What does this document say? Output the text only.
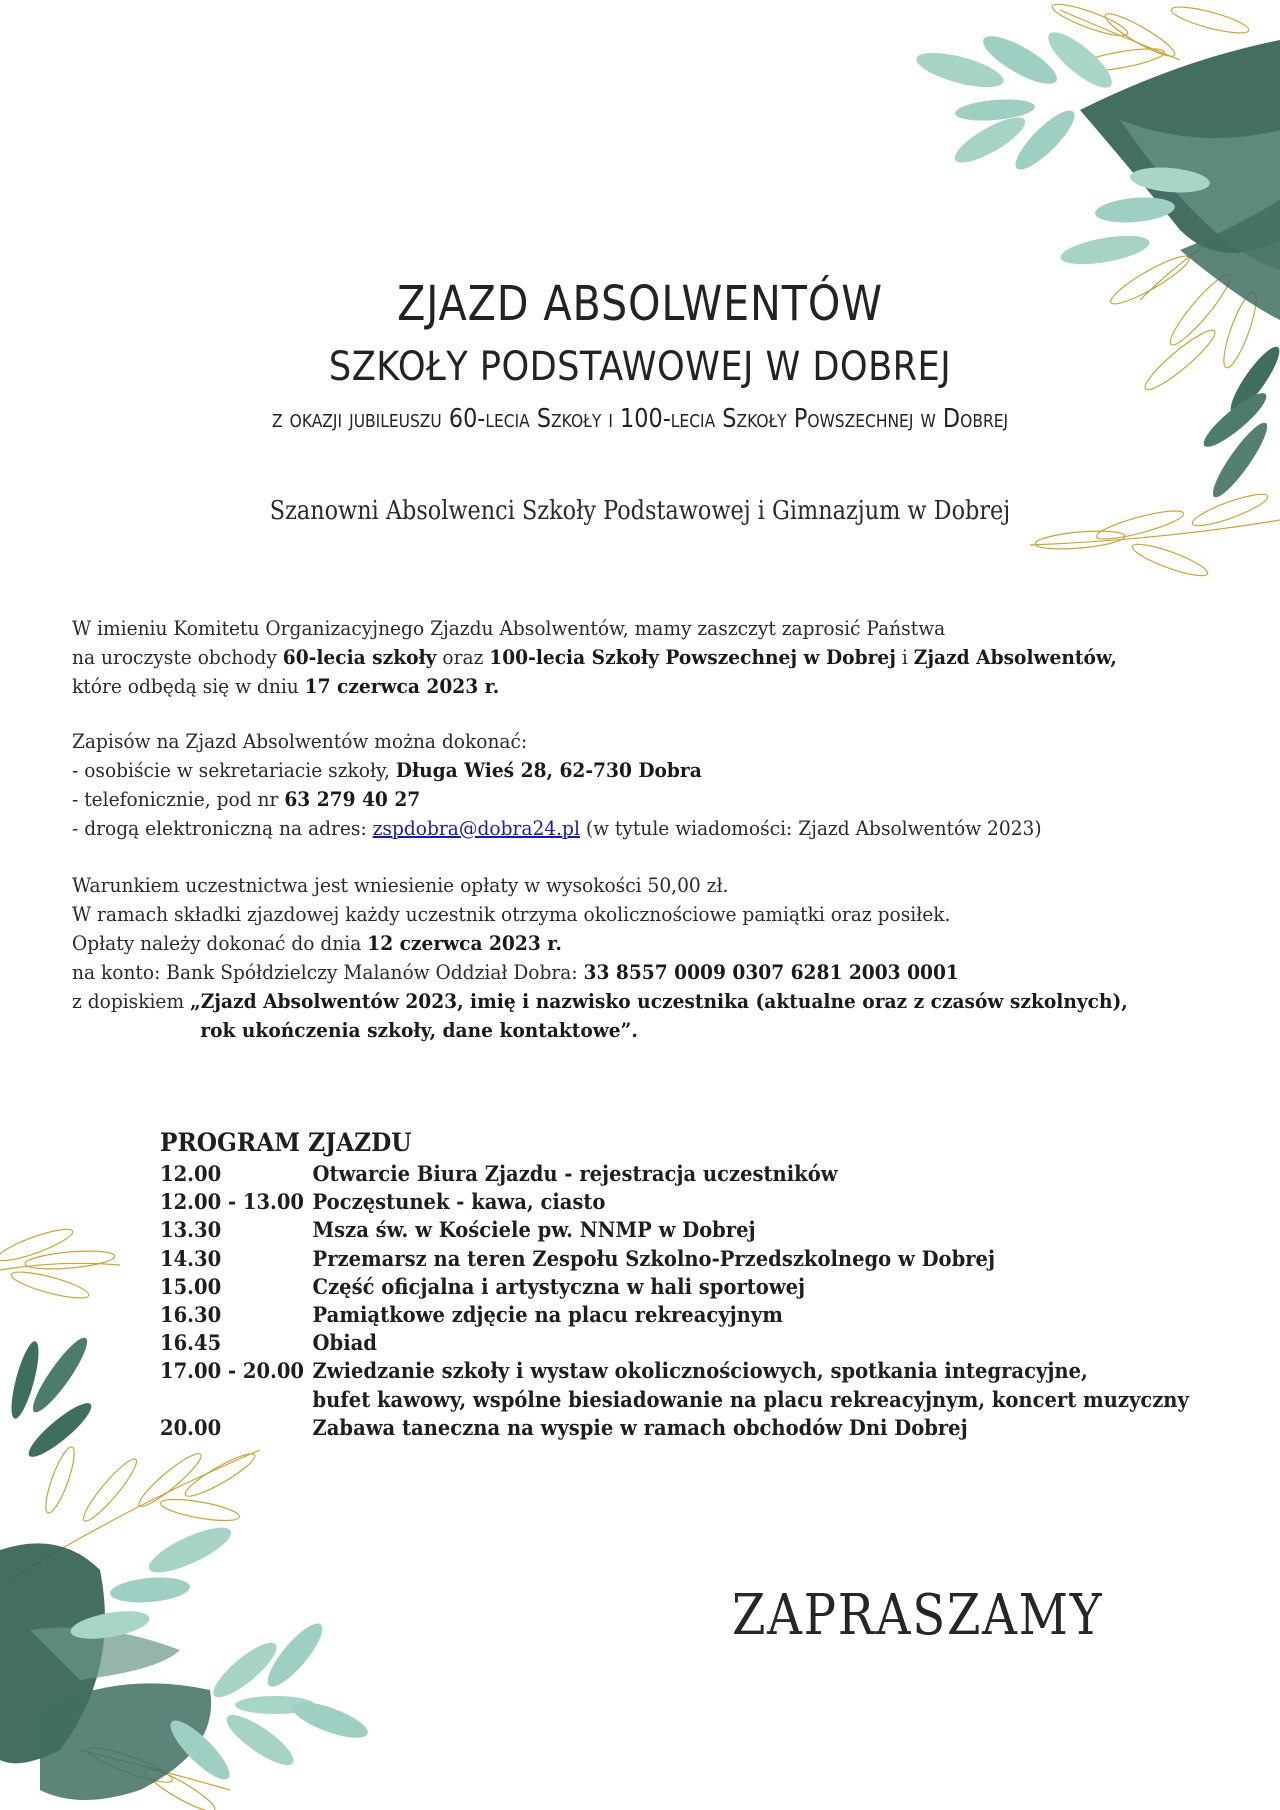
ZJAZD ABSOLWENTÓW
SZKOŁY PODSTAWOWEJ W DOBREJ
z okazji jubileuszu 60-lecia Szkoły i 100-lecia Szkoły Powszechnej w Dobrej
Szanowni Absolwenci Szkoły Podstawowej i Gimnazjum w Dobrej

W imieniu Komitetu Organizacyjnego Zjazdu Absolwentów, mamy zaszczyt zaprosić Państwa

na uroczyste obchody 60-lecia szkoły oraz 100-lecia Szkoły Powszechnej w Dobrej i Zjazd Absolwentów,

które odbędą się w dniu 17 czerwca 2023 r.

Zapisów na Zjazd Absolwentów można dokonać:

- osobiście w sekretariacie szkoły, Długa Wieś 28, 62-730 Dobra

- telefonicznie, pod nr 63 279 40 27

- drogą elektroniczną na adres: zspdobra@dobra24.pl (w tytule wiadomości: Zjazd Absolwentów 2023)

Warunkiem uczestnictwa jest wniesienie opłaty w wysokości 50,00 zł.

W ramach składki zjazdowej każdy uczestnik otrzyma okolicznościowe pamiątki oraz posiłek.

Opłaty należy dokonać do dnia 12 czerwca 2023 r.

na konto: Bank Spółdzielczy Malanów Oddział Dobra: 33 8557 0009 0307 6281 2003 0001

z dopiskiem „Zjazd Absolwentów 2023, imię i nazwisko uczestnika (aktualne oraz z czasów szkolnych),

rok ukończenia szkoły, dane kontaktowe”.

PROGRAM ZJAZDU
12.00	Otwarcie Biura Zjazdu - rejestracja uczestników
12.00 - 13.00 Poczęstunek - kawa, ciasto
13.30	Msza św. w Kościele pw. NNMP w Dobrej
14.30	Przemarsz na teren Zespołu Szkolno-Przedszkolnego w Dobrej
15.00	Część oficjalna i artystyczna w hali sportowej
16.30	Pamiątkowe zdjęcie na placu rekreacyjnym
16.45	Obiad
17.00 - 20.00 Zwiedzanie szkoły i wystaw okolicznościowych, spotkania integracyjne,
bufet kawowy, wspólne biesiadowanie na placu rekreacyjnym, koncert muzyczny
20.00	Zabawa taneczna na wyspie w ramach obchodów Dni Dobrej
ZAPRASZAMY
